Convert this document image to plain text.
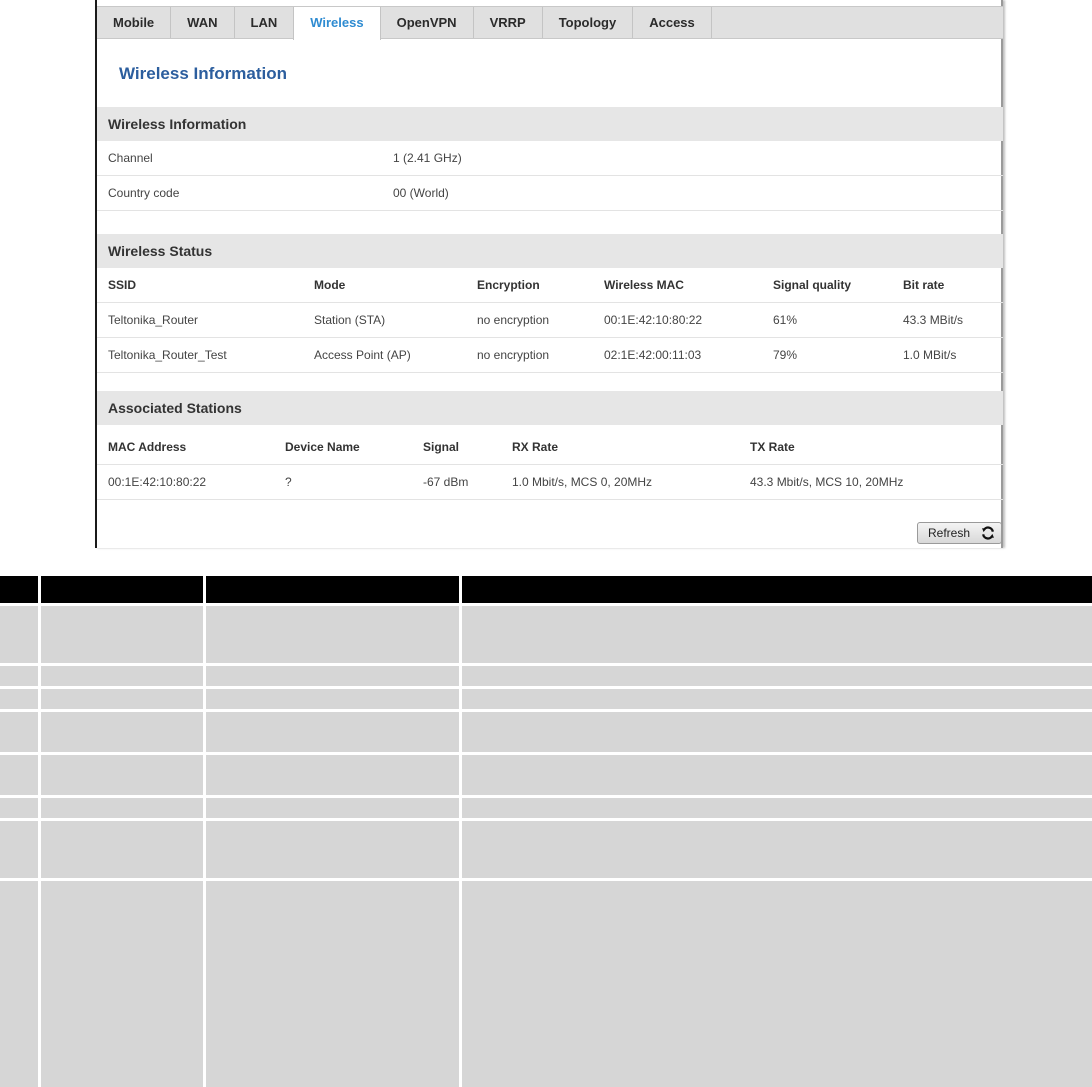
Mobile	WAN	LAN	Wireless	OpenVPN	VRRP	Topology	Access
Wireless Information
Wireless Information
Channel	1 (2.41 GHz)
Country code	00 (World)
Wireless Status
SSID	Mode	Encryption	Wireless MAC	Signal quality	Bit rate
Teltonika_Router	Station (STA)	no encryption	00:1E:42:10:80:22	61%	43.3 MBit/s
Teltonika_Router_Test	Access Point (AP)	no encryption	02:1E:42:00:11:03	79%	1.0 MBit/s
Associated Stations
MAC Address	Device Name	Signal	RX Rate	TX Rate
00:1E:42:10:80:22	?	-67 dBm	1.0 Mbit/s, MCS 0, 20MHz	43.3 Mbit/s, MCS 10, 20MHz
Refresh
